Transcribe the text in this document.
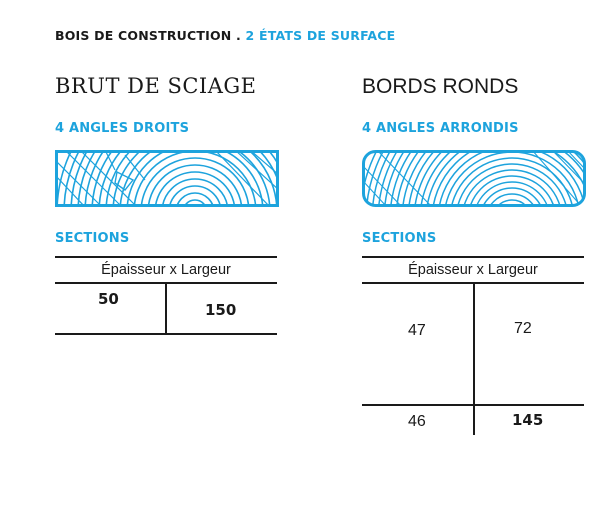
BOIS DE CONSTRUCTION . 2 ÉTATS DE SURFACE
BRUT DE SCIAGE
4 ANGLES DROITS
SECTIONS
Épaisseur x Largeur
50
150
BORDS RONDS
4 ANGLES ARRONDIS
SECTIONS
Épaisseur x Largeur
47	72
46	145
